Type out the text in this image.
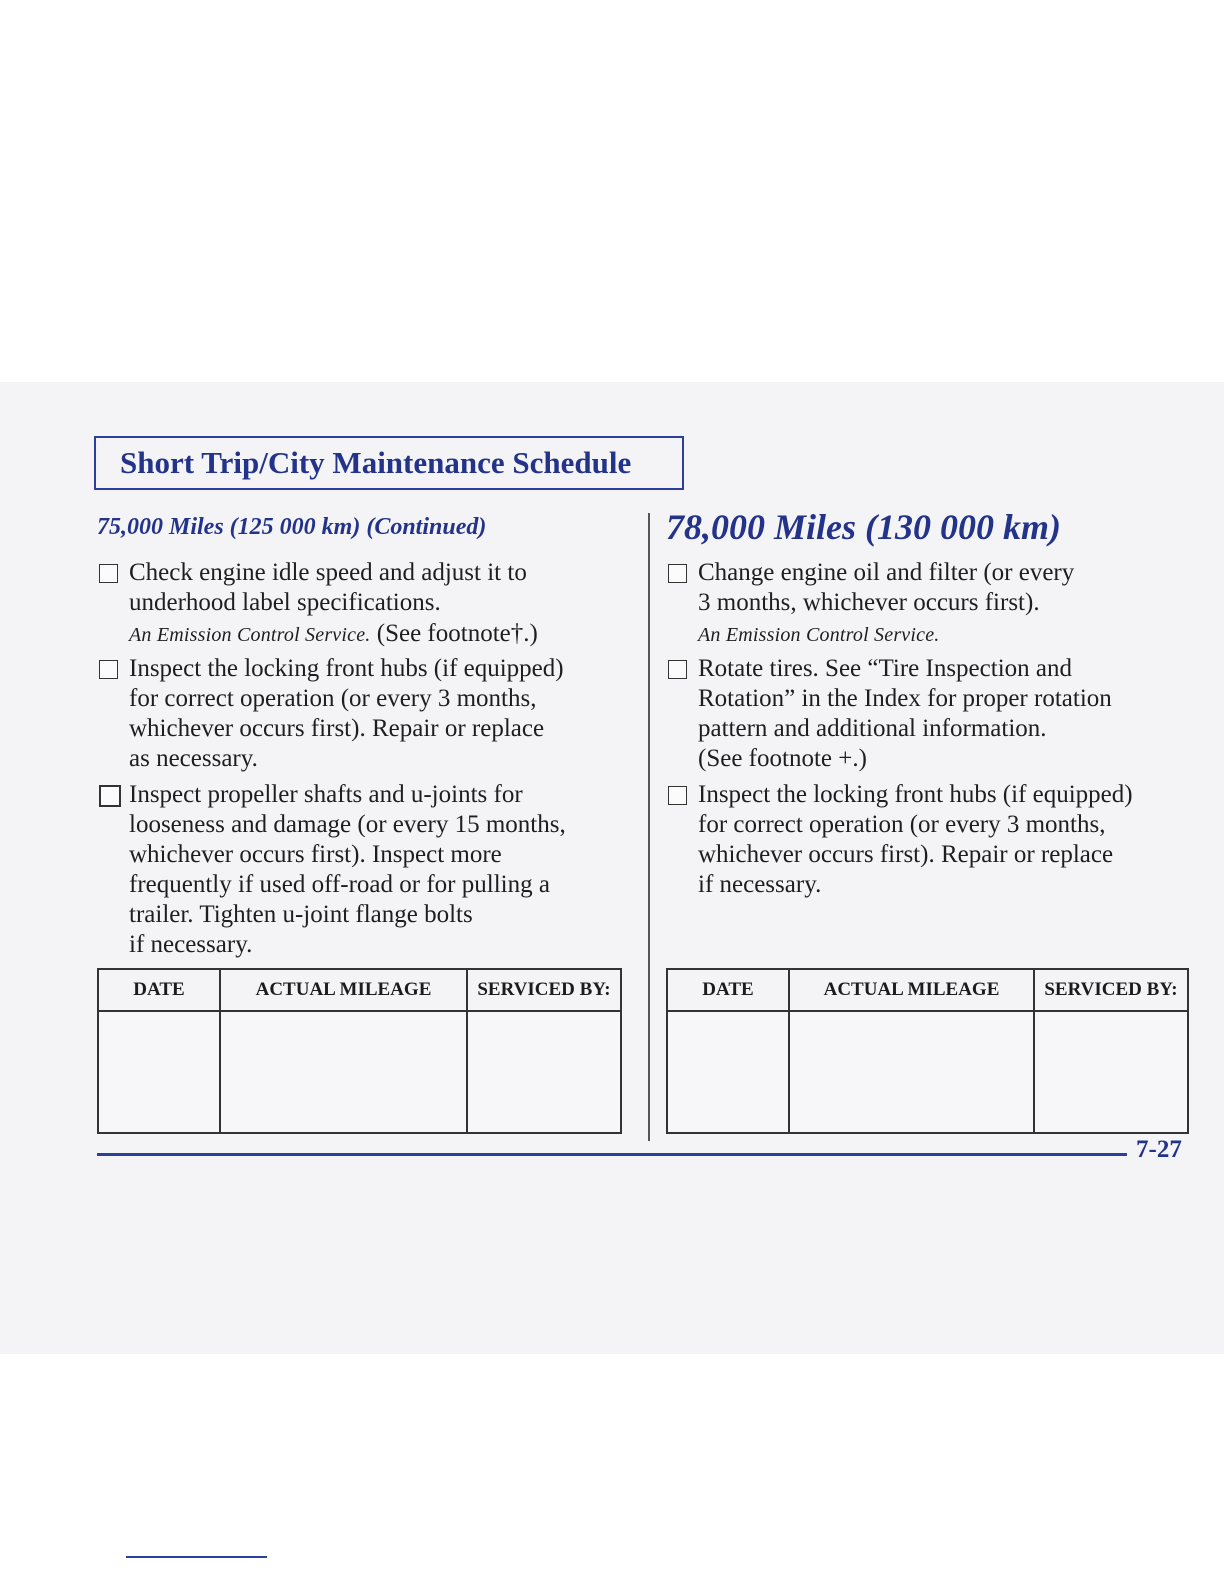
Short Trip/City Maintenance Schedule
75,000 Miles (125 000 km) (Continued)
Check engine idle speed and adjust it to
underhood label specifications.
An Emission Control Service. (See footnote†.)
Inspect the locking front hubs (if equipped)
for correct operation (or every 3 months,
whichever occurs first). Repair or replace
as necessary.
Inspect propeller shafts and u-joints for
looseness and damage (or every 15 months,
whichever occurs first). Inspect more
frequently if used off-road or for pulling a
trailer. Tighten u-joint flange bolts
if necessary.
DATE	ACTUAL MILEAGE	SERVICED BY:

78,000 Miles (130 000 km)
Change engine oil and filter (or every
3 months, whichever occurs first).
An Emission Control Service.
Rotate tires. See “Tire Inspection and
Rotation” in the Index for proper rotation
pattern and additional information.
(See footnote +.)
Inspect the locking front hubs (if equipped)
for correct operation (or every 3 months,
whichever occurs first). Repair or replace
if necessary.
DATE	ACTUAL MILEAGE	SERVICED BY:

7-27
